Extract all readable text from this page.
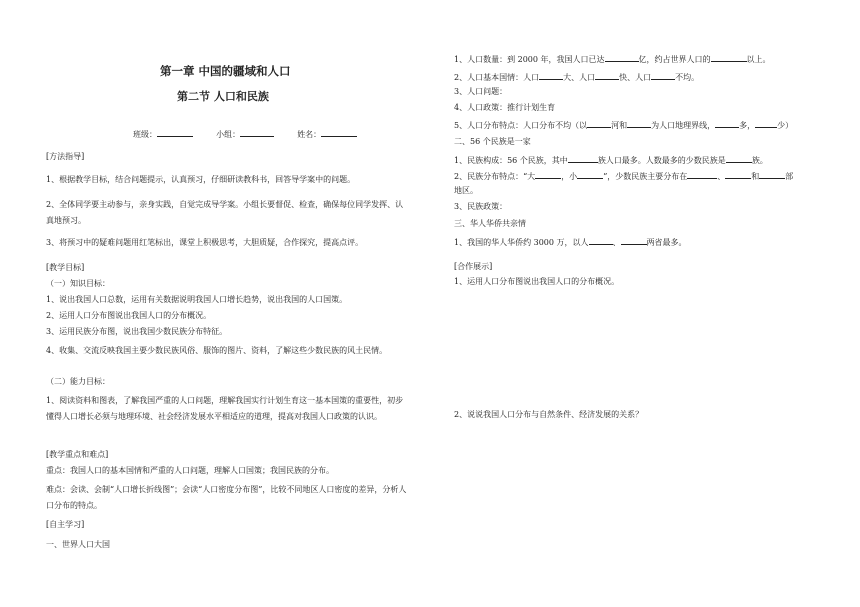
第一章 中国的疆域和人口
第二节 人口和民族
班级：	小组：	姓名：
[方法指导]
1、根据教学目标，结合问题提示，认真预习，仔细研读教科书，回答导学案中的问题。
2、全体同学要主动参与，亲身实践，自觉完成导学案。小组长要督促、检查，确保每位同学发挥、认真地预习。
3、将预习中的疑难问题用红笔标出，课堂上积极思考，大胆质疑，合作探究，提高点评。
[教学目标]
（一）知识目标：
1、说出我国人口总数，运用有关数据说明我国人口增长趋势，说出我国的人口国策。
2、运用人口分布图说出我国人口的分布概况。
3、运用民族分布图，说出我国少数民族分布特征。
4、收集、交流反映我国主要少数民族风俗、服饰的图片、资料，了解这些少数民族的风土民情。
（二）能力目标：
1、阅读资料和图表，了解我国严重的人口问题，理解我国实行计划生育这一基本国策的重要性，初步懂得人口增长必须与地理环境、社会经济发展水平相适应的道理，提高对我国人口政策的认识。
[教学重点和难点]
重点：我国人口的基本国情和严重的人口问题，理解人口国策；我国民族的分布。
难点：会读、会制“人口增长折线图”；会读“人口密度分布图”，比较不同地区人口密度的差异，分析人口分布的特点。
[自主学习]
一、世界人口大国
1、人口数量：到 2000 年，我国人口已达	亿，约占世界人口的	以上。
2、人口基本国情：人口	大、人口	快、人口	不均。
3、人口问题：
4、人口政策：推行计划生育
5、人口分布特点：人口分布不均（以	河和	为人口地理界线，	多，	少）
二、56 个民族是一家
1、民族构成：56 个民族，其中	族人口最多。人数最多的少数民族是	族。
2、民族分布特点：“大	，小	”，少数民族主要分布在	、	和	部
地区。
3、民族政策：
三、华人华侨共亲情
1、我国的华人华侨约 3000 万，以人	、	两省最多。
[合作展示]
1、运用人口分布图说出我国人口的分布概况。
2、说说我国人口分布与自然条件、经济发展的关系？
